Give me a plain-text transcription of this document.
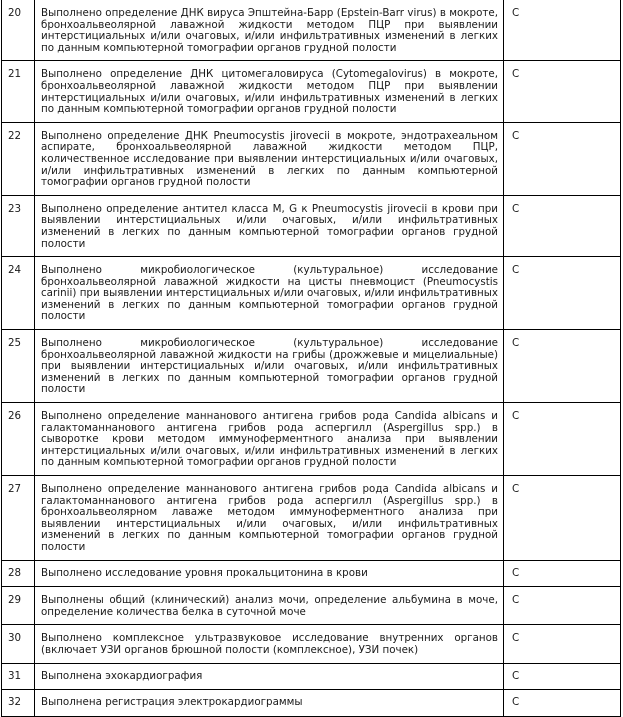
20	Выполнено определение ДНК вируса Эпштейна-Барр (Epstein-Barr virus) в мокроте, бронхоальвеолярной лаважной жидкости методом ПЦР при выявлении интерстициальных и/или очаговых, и/или инфильтративных изменений в легких по данным компьютерной томографии органов грудной полости	C
21	Выполнено определение ДНК цитомегаловируса (Cytomegalovirus) в мокроте, бронхоальвеолярной лаважной жидкости методом ПЦР при выявлении интерстициальных и/или очаговых, и/или инфильтративных изменений в легких по данным компьютерной томографии органов грудной полости	C
22	Выполнено определение ДНК Pneumocystis jirovecii в мокроте, эндотрахеальном аспирате, бронхоальвеолярной лаважной жидкости методом ПЦР, количественное исследование при выявлении интерстициальных и/или очаговых, и/или инфильтративных изменений в легких по данным компьютерной томографии органов грудной полости	C
23	Выполнено определение антител класса M, G к Pneumocystis jirovecii в крови при выявлении интерстициальных и/или очаговых, и/или инфильтративных изменений в легких по данным компьютерной томографии органов грудной полости	C
24	Выполнено микробиологическое (культуральное) исследование бронхоальвеолярной лаважной жидкости на цисты пневмоцист (Pneumocystis carinii) при выявлении интерстициальных и/или очаговых, и/или инфильтративных изменений в легких по данным компьютерной томографии органов грудной полости	C
25	Выполнено микробиологическое (культуральное) исследование бронхоальвеолярной лаважной жидкости на грибы (дрожжевые и мицелиальные) при выявлении интерстициальных и/или очаговых, и/или инфильтративных изменений в легких по данным компьютерной томографии органов грудной полости	C
26	Выполнено определение маннанового антигена грибов рода Candida albicans и галактоманнанового антигена грибов рода аспергилл (Aspergillus spp.) в сыворотке крови методом иммуноферментного анализа при выявлении интерстициальных и/или очаговых, и/или инфильтративных изменений в легких по данным компьютерной томографии органов грудной полости	C
27	Выполнено определение маннанового антигена грибов рода Candida albicans и галактоманнанового антигена грибов рода аспергилл (Aspergillus spp.) в бронхоальвеолярном лаваже методом иммуноферментного анализа при выявлении интерстициальных и/или очаговых, и/или инфильтративных изменений в легких по данным компьютерной томографии органов грудной полости	C
28	Выполнено исследование уровня прокальцитонина в крови	C
29	Выполнены общий (клинический) анализ мочи, определение альбумина в моче, определение количества белка в суточной моче	C
30	Выполнено комплексное ультразвуковое исследование внутренних органов (включает УЗИ органов брюшной полости (комплексное), УЗИ почек)	C
31	Выполнена эхокардиография	C
32	Выполнена регистрация электрокардиограммы	C
